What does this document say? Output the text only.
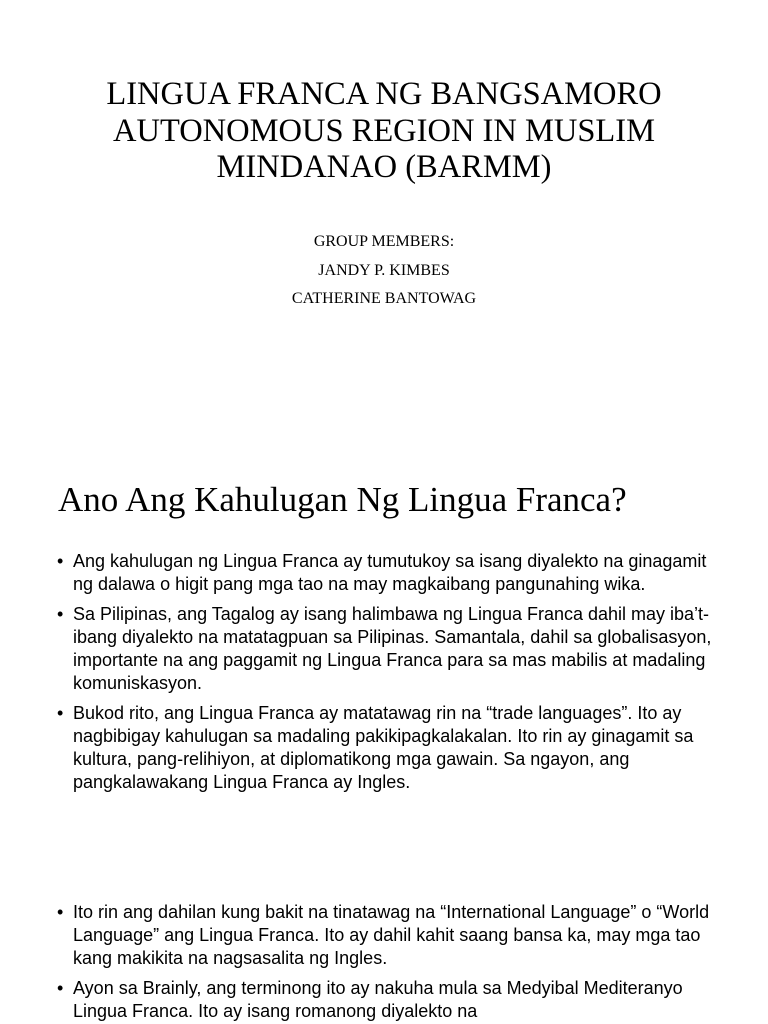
LINGUA FRANCA NG BANGSAMORO AUTONOMOUS REGION IN MUSLIM MINDANAO (BARMM)
GROUP MEMBERS:
JANDY P. KIMBES
CATHERINE BANTOWAG
Ano Ang Kahulugan Ng Lingua Franca?
• Ang kahulugan ng Lingua Franca ay tumutukoy sa isang diyalekto na ginagamit ng dalawa o higit pang mga tao na may magkaibang pangunahing wika.
• Sa Pilipinas, ang Tagalog ay isang halimbawa ng Lingua Franca dahil may iba’t-ibang diyalekto na matatagpuan sa Pilipinas. Samantala, dahil sa globalisasyon, importante na ang paggamit ng Lingua Franca para sa mas mabilis at madaling komuniskasyon.
• Bukod rito, ang Lingua Franca ay matatawag rin na “trade languages”. Ito ay nagbibigay kahulugan sa madaling pakikipagkalakalan. Ito rin ay ginagamit sa kultura, pang-relihiyon, at diplomatikong mga gawain. Sa ngayon, ang pangkalawakang Lingua Franca ay Ingles.
• Ito rin ang dahilan kung bakit na tinatawag na “International Language” o “World Language” ang Lingua Franca. Ito ay dahil kahit saang bansa ka, may mga tao kang makikita na nagsasalita ng Ingles.
• Ayon sa Brainly, ang terminong ito ay nakuha mula sa Medyibal Mediteranyo Lingua Franca. Ito ay isang romanong diyalekto na
